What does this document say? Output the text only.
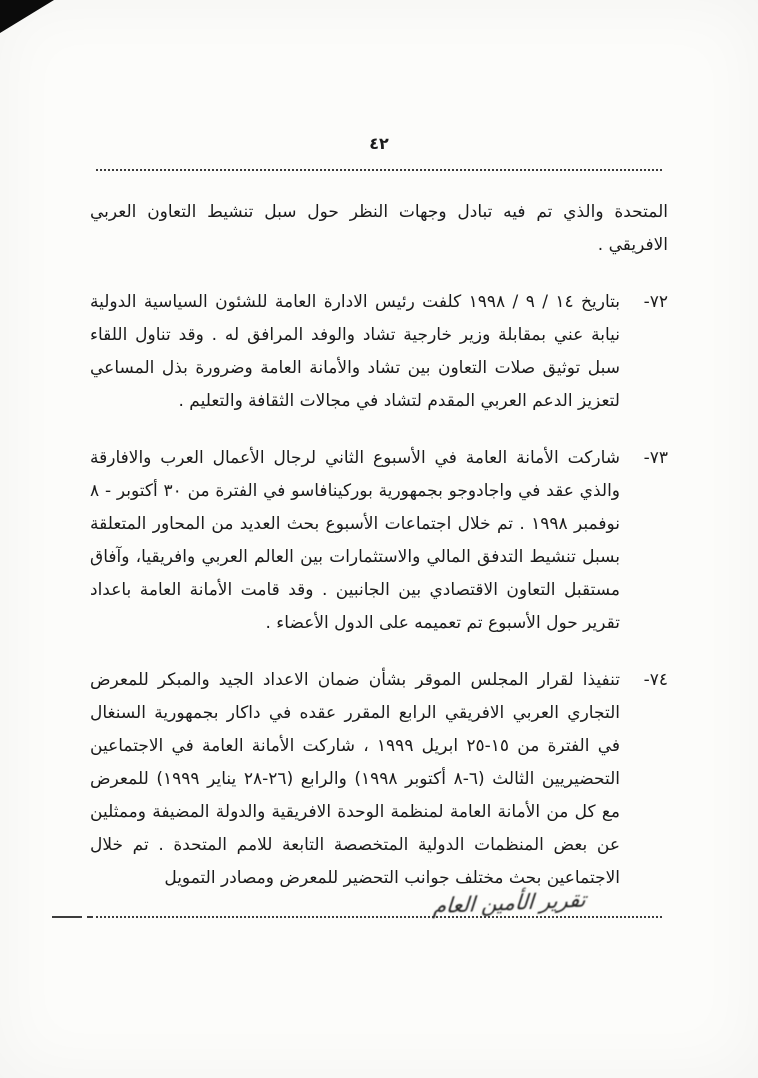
٤٢
المتحدة والذي تم فيه تبادل وجهات النظر حول سبل تنشيط التعاون العربي الافريقي .
٧٢-
بتاريخ ١٤ / ٩ / ١٩٩٨ كلفت رئيس الادارة العامة للشئون السياسية الدولية نيابة عني بمقابلة وزير خارجية تشاد والوفد المرافق له . وقد تناول اللقاء سبل توثيق صلات التعاون بين تشاد والأمانة العامة وضرورة بذل المساعي لتعزيز الدعم العربي المقدم لتشاد في مجالات الثقافة والتعليم .
٧٣-
شاركت الأمانة العامة في الأسبوع الثاني لرجال الأعمال العرب والافارقة والذي عقد في واجادوجو بجمهورية بوركينافاسو في الفترة من ٣٠ أكتوبر - ٨ نوفمبر ١٩٩٨ . تم خلال اجتماعات الأسبوع بحث العديد من المحاور المتعلقة بسبل تنشيط التدفق المالي والاستثمارات بين العالم العربي وافريقيا، وآفاق مستقبل التعاون الاقتصادي بين الجانبين . وقد قامت الأمانة العامة باعداد تقرير حول الأسبوع تم تعميمه على الدول الأعضاء .
٧٤-
تنفيذا لقرار المجلس الموقر بشأن ضمان الاعداد الجيد والمبكر للمعرض التجاري العربي الافريقي الرابع المقرر عقده في داكار بجمهورية السنغال في الفترة من ١٥-٢٥ ابريل ١٩٩٩ ، شاركت الأمانة العامة في الاجتماعين التحضيريين الثالث (٦-٨ أكتوبر ١٩٩٨) والرابع (٢٦-٢٨ يناير ١٩٩٩) للمعرض مع كل من الأمانة العامة لمنظمة الوحدة الافريقية والدولة المضيفة وممثلين عن بعض المنظمات الدولية المتخصصة التابعة للامم المتحدة . تم خلال الاجتماعين بحث مختلف جوانب التحضير للمعرض ومصادر التمويل
تقرير الأمين العام
